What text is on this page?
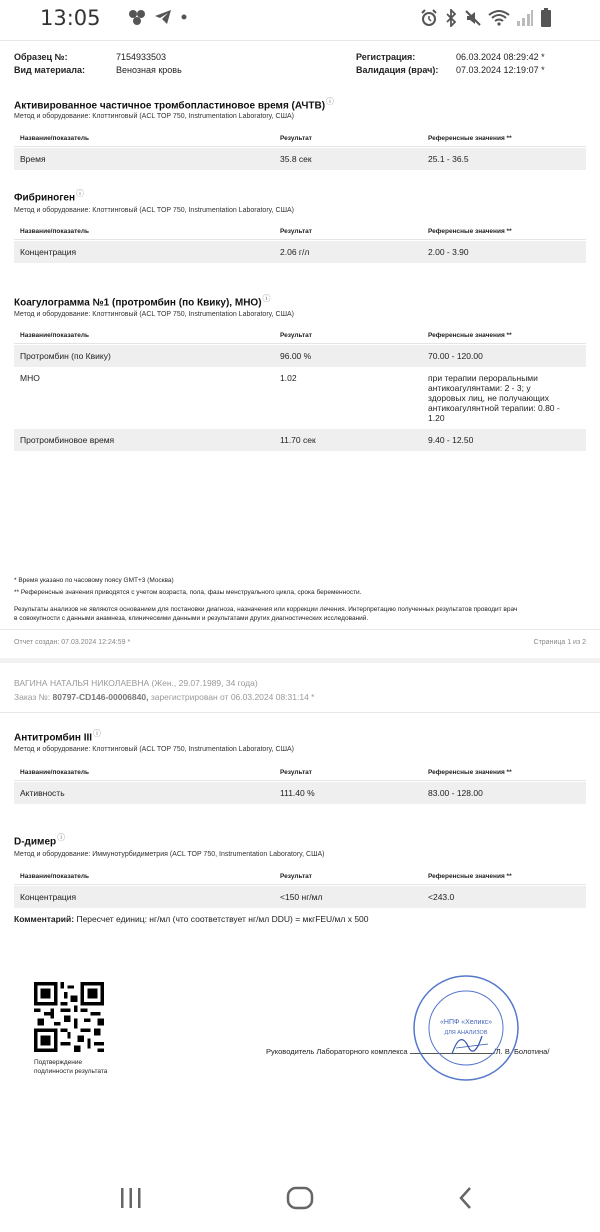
13:05
Образец №:	7154933503
Вид материала:	Венозная кровь
Регистрация:	06.03.2024 08:29:42 *
Валидация (врач): 07.03.2024 12:19:07 *
Активированное частичное тромбопластиновое время (АЧТВ)ⓘ
Метод и оборудование: Клоттинговый (ACL TOP 750, Instrumentation Laboratory, США)
Название/показатель	Результат	Референсные значения **
Время	35.8 сек	25.1 - 36.5
Фибриногенⓘ
Метод и оборудование: Клоттинговый (ACL TOP 750, Instrumentation Laboratory, США)
Название/показатель	Результат	Референсные значения **
Концентрация	2.06 г/л	2.00 - 3.90
Коагулограмма №1 (протромбин (по Квику), МНО)ⓘ
Метод и оборудование: Клоттинговый (ACL TOP 750, Instrumentation Laboratory, США)
Название/показатель	Результат	Референсные значения **
Протромбин (по Квику)	96.00 %	70.00 - 120.00
МНО	1.02	при терапии пероральными
антикоагулянтами: 2 - 3; у
здоровых лиц, не получающих
антикоагулянтной терапии: 0.80 -
1.20
Протромбиновое время	11.70 сек	9.40 - 12.50
* Время указано по часовому поясу GMT+3 (Москва)
** Референсные значения приводятся с учетом возраста, пола, фазы менструального цикла, срока беременности.
Результаты анализов не являются основанием для постановки диагноза, назначения или коррекции лечения. Интерпретацию полученных результатов проводит врач
в совокупности с данными анамнеза, клиническими данными и результатами других диагностических исследований.
Отчет создан: 07.03.2024 12:24:59 *	Страница 1 из 2
ВАГИНА НАТАЛЬЯ НИКОЛАЕВНА (Жен., 29.07.1989, 34 года)
Заказ №: 80797-CD146-00006840, зарегистрирован от 06.03.2024 08:31:14 *
Антитромбин IIIⓘ
Метод и оборудование: Клоттинговый (ACL TOP 750, Instrumentation Laboratory, США)
Название/показатель	Результат	Референсные значения **
Активность	111.40 %	83.00 - 128.00
D-димерⓘ
Метод и оборудование: Иммунотурбидиметрия (ACL TOP 750, Instrumentation Laboratory, США)
Название/показатель	Результат	Референсные значения **
Концентрация	<150 нг/мл	<243.0
Комментарий: Пересчет единиц: нг/мл (что соответствует нг/мл DDU) = мкгFEU/мл х 500
Подтверждение
подлинности результата
Руководитель Лабораторного комплекса	/Л. В. Болотина/
«НПФ «Хеликс»
ДЛЯ АНАЛИЗОВ
